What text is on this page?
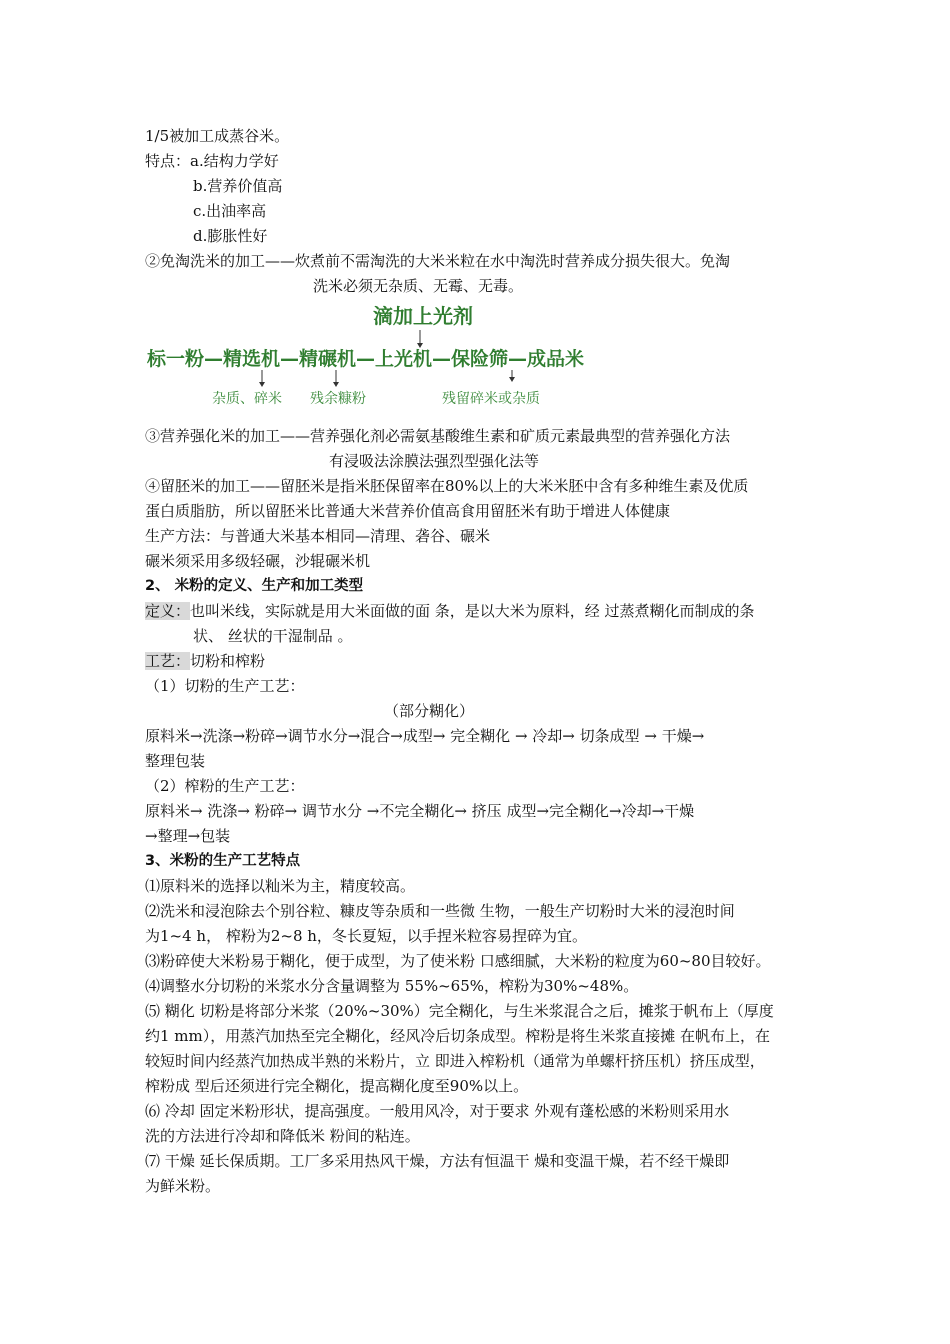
1/5被加工成蒸谷米。
特点：a.结构力学好
b.营养价值高
c.出油率高
d.膨胀性好
②免淘洗米的加工——炊煮前不需淘洗的大米米粒在水中淘洗时营养成分损失很大。免淘
洗米必须无杂质、无霉、无毒。
滴加上光剂
标一粉—精选机—精碾机—上光机—保险筛—成品米
杂质、碎米 残余糠粉	残留碎米或杂质
③营养强化米的加工——营养强化剂必需氨基酸维生素和矿质元素最典型的营养强化方法
有浸吸法涂膜法强烈型强化法等
④留胚米的加工——留胚米是指米胚保留率在80%以上的大米米胚中含有多种维生素及优质
蛋白质脂肪，所以留胚米比普通大米营养价值高食用留胚米有助于增进人体健康
生产方法：与普通大米基本相同—清理、砻谷、碾米
碾米须采用多级轻碾，沙辊碾米机
2、 米粉的定义、生产和加工类型
定义：也叫米线，实际就是用大米面做的面 条，是以大米为原料，经 过蒸煮糊化而制成的条
状、 丝状的干湿制品 。
工艺：切粉和榨粉
（1）切粉的生产工艺：
（部分糊化）
原料米→洗涤→粉碎→调节水分→混合→成型→ 完全糊化 → 冷却→ 切条成型 → 干燥→
整理包装
（2）榨粉的生产工艺：
原料米→ 洗涤→ 粉碎→ 调节水分 →不完全糊化→ 挤压 成型→完全糊化→冷却→干燥
→整理→包装
3、米粉的生产工艺特点
⑴原料米的选择以籼米为主，精度较高。
⑵洗米和浸泡除去个别谷粒、糠皮等杂质和一些微 生物，一般生产切粉时大米的浸泡时间
为1~4 h， 榨粉为2~8 h，冬长夏短，以手捏米粒容易捏碎为宜。
⑶粉碎使大米粉易于糊化，便于成型，为了使米粉 口感细腻，大米粉的粒度为60~80目较好。
⑷调整水分切粉的米浆水分含量调整为 55%~65%，榨粉为30%~48%。
⑸ 糊化 切粉是将部分米浆（20%~30%）完全糊化，与生米浆混合之后，摊浆于帆布上（厚度
约1 mm），用蒸汽加热至完全糊化，经风冷后切条成型。榨粉是将生米浆直接摊 在帆布上，在
较短时间内经蒸汽加热成半熟的米粉片，立 即进入榨粉机（通常为单螺杆挤压机）挤压成型，
榨粉成 型后还须进行完全糊化，提高糊化度至90%以上。
⑹ 冷却 固定米粉形状，提高强度。一般用风冷，对于要求 外观有蓬松感的米粉则采用水
洗的方法进行冷却和降低米 粉间的粘连。
⑺ 干燥 延长保质期。工厂多采用热风干燥，方法有恒温干 燥和变温干燥，若不经干燥即
为鲜米粉。
